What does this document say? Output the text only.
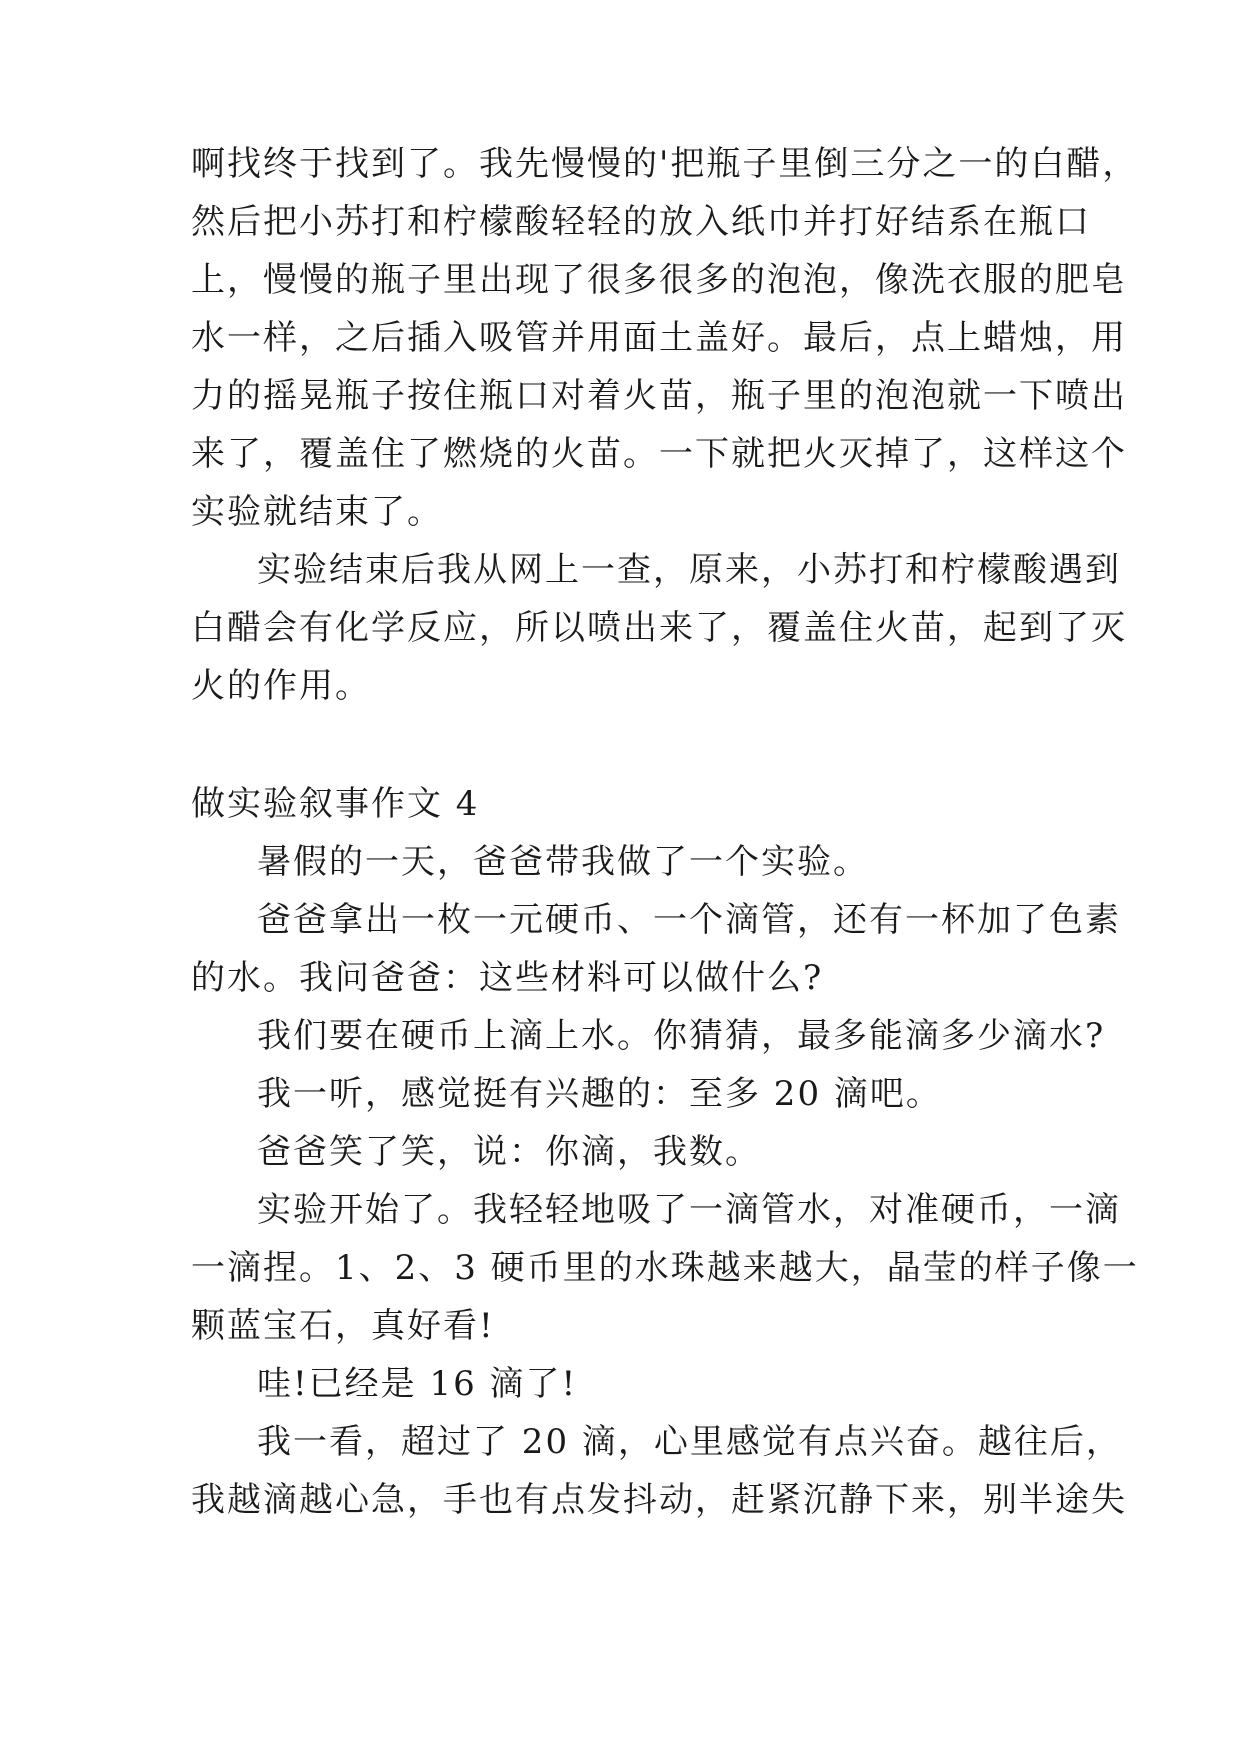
啊找终于找到了。我先慢慢的'把瓶子里倒三分之一的白醋，
然后把小苏打和柠檬酸轻轻的放入纸巾并打好结系在瓶口
上，慢慢的瓶子里出现了很多很多的泡泡，像洗衣服的肥皂
水一样，之后插入吸管并用面土盖好。最后，点上蜡烛，用
力的摇晃瓶子按住瓶口对着火苗，瓶子里的泡泡就一下喷出
来了，覆盖住了燃烧的火苗。一下就把火灭掉了，这样这个
实验就结束了。
实验结束后我从网上一查，原来，小苏打和柠檬酸遇到
白醋会有化学反应，所以喷出来了，覆盖住火苗，起到了灭
火的作用。
做实验叙事作文 4
暑假的一天，爸爸带我做了一个实验。
爸爸拿出一枚一元硬币、一个滴管，还有一杯加了色素
的水。我问爸爸：这些材料可以做什么?
我们要在硬币上滴上水。你猜猜，最多能滴多少滴水?
我一听，感觉挺有兴趣的：至多 20 滴吧。
爸爸笑了笑，说：你滴，我数。
实验开始了。我轻轻地吸了一滴管水，对准硬币，一滴
一滴捏。1、2、3 硬币里的水珠越来越大，晶莹的样子像一
颗蓝宝石，真好看!
哇!已经是 16 滴了!
我一看，超过了 20 滴，心里感觉有点兴奋。越往后，
我越滴越心急，手也有点发抖动，赶紧沉静下来，别半途失
